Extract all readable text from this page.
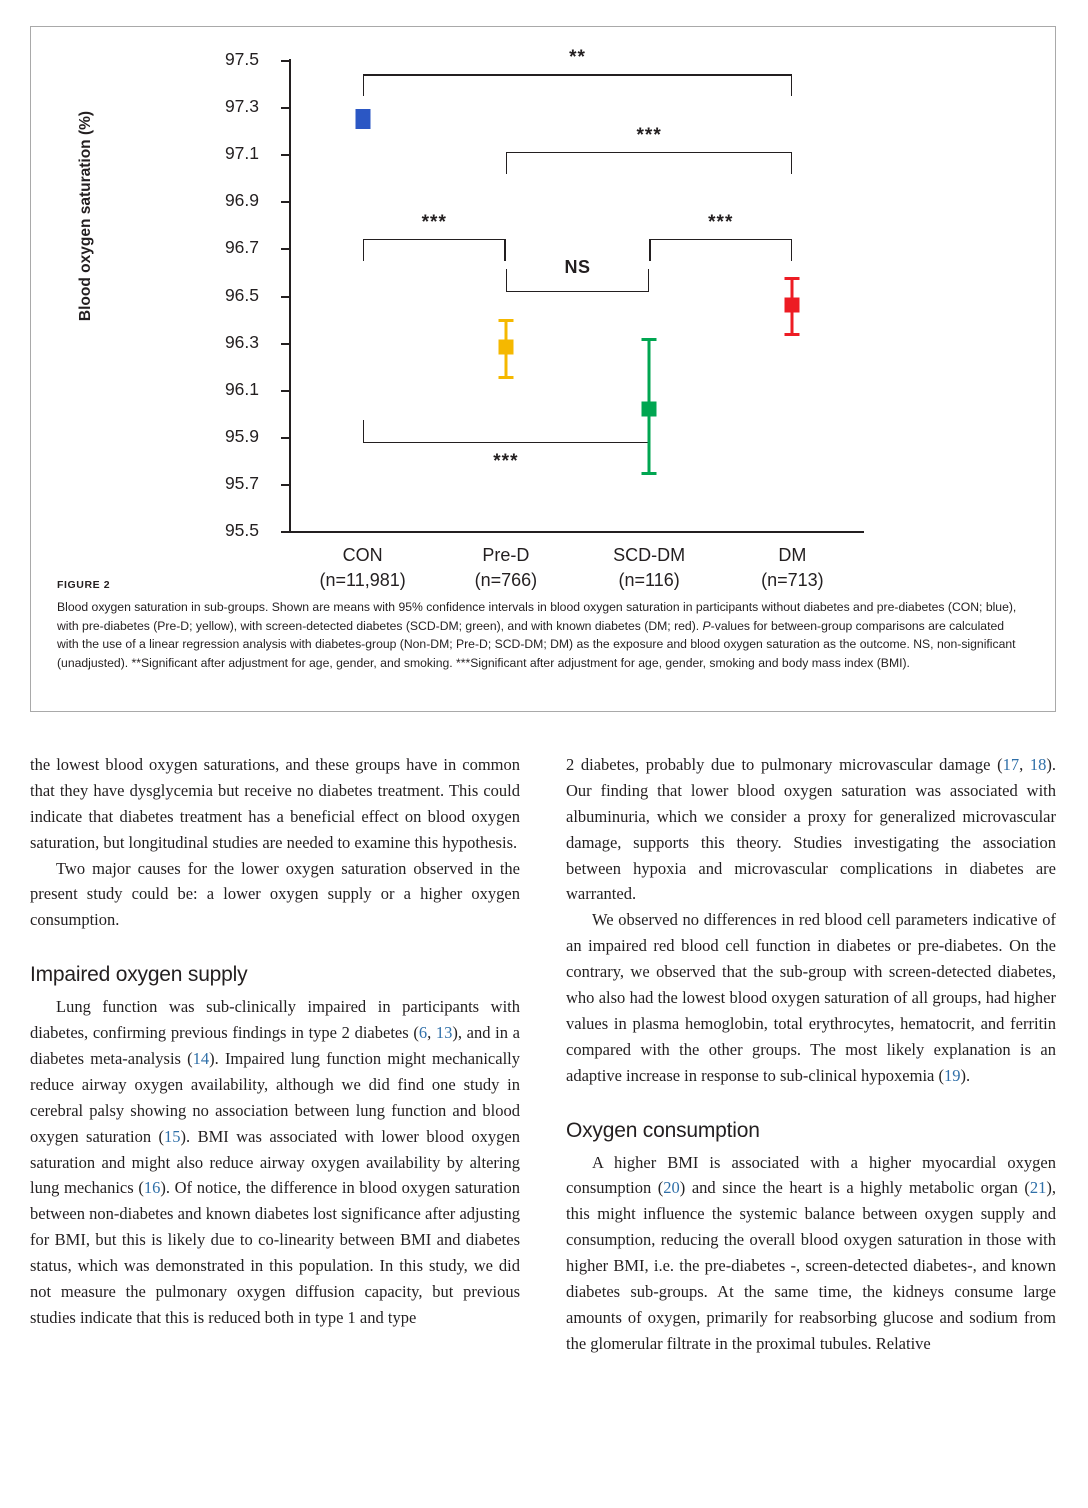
Blood oxygen saturation (%)
97.5
97.3
97.1
96.9
96.7
96.5
96.3
96.1
95.9
95.7
95.5
**
***
***	***
NS
***
CON
(n=11,981)
Pre-D
(n=766)
SCD-DM
(n=116)
DM
(n=713)
FIGURE 2
Blood oxygen saturation in sub-groups. Shown are means with 95% confidence intervals in blood oxygen saturation in participants without diabetes and pre-diabetes (CON; blue), with pre-diabetes (Pre-D; yellow), with screen-detected diabetes (SCD-DM; green), and with known diabetes (DM; red). P-values for between-group comparisons are calculated with the use of a linear regression analysis with diabetes-group (Non-DM; Pre-D; SCD-DM; DM) as the exposure and blood oxygen saturation as the outcome. NS, non-significant (unadjusted). **Significant after adjustment for age, gender, and smoking. ***Significant after adjustment for age, gender, smoking and body mass index (BMI).

the lowest blood oxygen saturations, and these groups have in common that they have dysglycemia but receive no diabetes treatment. This could indicate that diabetes treatment has a beneficial effect on blood oxygen saturation, but longitudinal studies are needed to examine this hypothesis.

Two major causes for the lower oxygen saturation observed in the present study could be: a lower oxygen supply or a higher oxygen consumption.

Impaired oxygen supply

Lung function was sub-clinically impaired in participants with diabetes, confirming previous findings in type 2 diabetes (6, 13), and in a diabetes meta-analysis (14). Impaired lung function might mechanically reduce airway oxygen availability, although we did find one study in cerebral palsy showing no association between lung function and blood oxygen saturation (15). BMI was associated with lower blood oxygen saturation and might also reduce airway oxygen availability by altering lung mechanics (16). Of notice, the difference in blood oxygen saturation between non-diabetes and known diabetes lost significance after adjusting for BMI, but this is likely due to co-linearity between BMI and diabetes status, which was demonstrated in this population. In this study, we did not measure the pulmonary oxygen diffusion capacity, but previous studies indicate that this is reduced both in type 1 and type

2 diabetes, probably due to pulmonary microvascular damage (17, 18). Our finding that lower blood oxygen saturation was associated with albuminuria, which we consider a proxy for generalized microvascular damage, supports this theory. Studies investigating the association between hypoxia and microvascular complications in diabetes are warranted.

We observed no differences in red blood cell parameters indicative of an impaired red blood cell function in diabetes or pre-diabetes. On the contrary, we observed that the sub-group with screen-detected diabetes, who also had the lowest blood oxygen saturation of all groups, had higher values in plasma hemoglobin, total erythrocytes, hematocrit, and ferritin compared with the other groups. The most likely explanation is an adaptive increase in response to sub-clinical hypoxemia (19).

Oxygen consumption

A higher BMI is associated with a higher myocardial oxygen consumption (20) and since the heart is a highly metabolic organ (21), this might influence the systemic balance between oxygen supply and consumption, reducing the overall blood oxygen saturation in those with higher BMI, i.e. the pre-diabetes -, screen-detected diabetes-, and known diabetes sub-groups. At the same time, the kidneys consume large amounts of oxygen, primarily for reabsorbing glucose and sodium from the glomerular filtrate in the proximal tubules. Relative
